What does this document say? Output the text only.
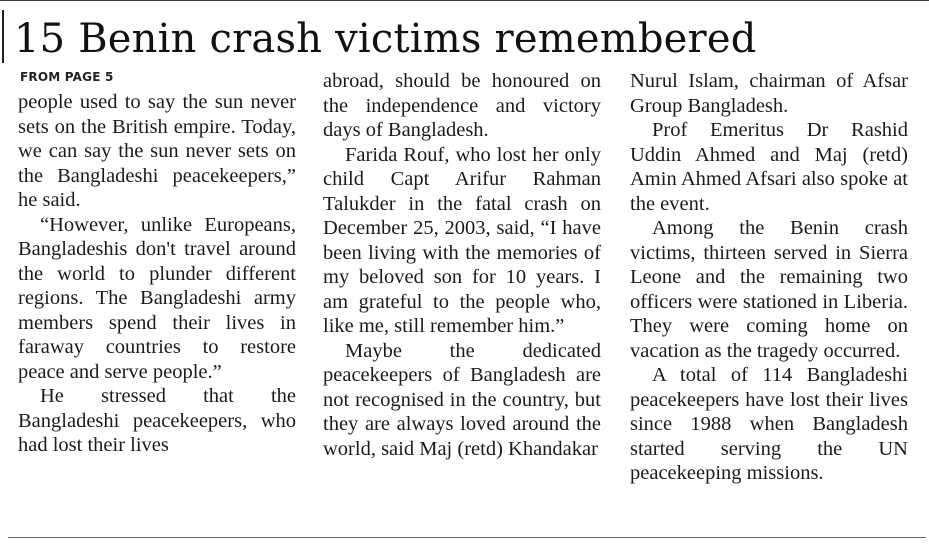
15 Benin crash victims remembered
FROM PAGE 5

people used to say the sun never sets on the British empire. Today, we can say the sun never sets on the Bangladeshi peacekeepers,” he said.

“However, unlike Europeans, Bangladeshis don't travel around the world to plunder different regions. The Bangladeshi army members spend their lives in faraway countries to restore peace and serve people.”

He stressed that the Bangladeshi peacekeepers, who had lost their lives

abroad, should be honoured on the independence and victory days of Bangladesh.

Farida Rouf, who lost her only child Capt Arifur Rahman Talukder in the fatal crash on December 25, 2003, said, “I have been living with the memories of my beloved son for 10 years. I am grateful to the people who, like me, still remember him.”

Maybe the dedicated peacekeepers of Bangladesh are not recognised in the country, but they are always loved around the world, said Maj (retd) Khandakar

Nurul Islam, chairman of Afsar Group Bangladesh.

Prof Emeritus Dr Rashid Uddin Ahmed and Maj (retd) Amin Ahmed Afsari also spoke at the event.

Among the Benin crash victims, thirteen served in Sierra Leone and the remaining two officers were stationed in Liberia. They were coming home on vacation as the tragedy occurred.

A total of 114 Bangladeshi peacekeepers have lost their lives since 1988 when Bangladesh started serving the UN peacekeeping missions.
